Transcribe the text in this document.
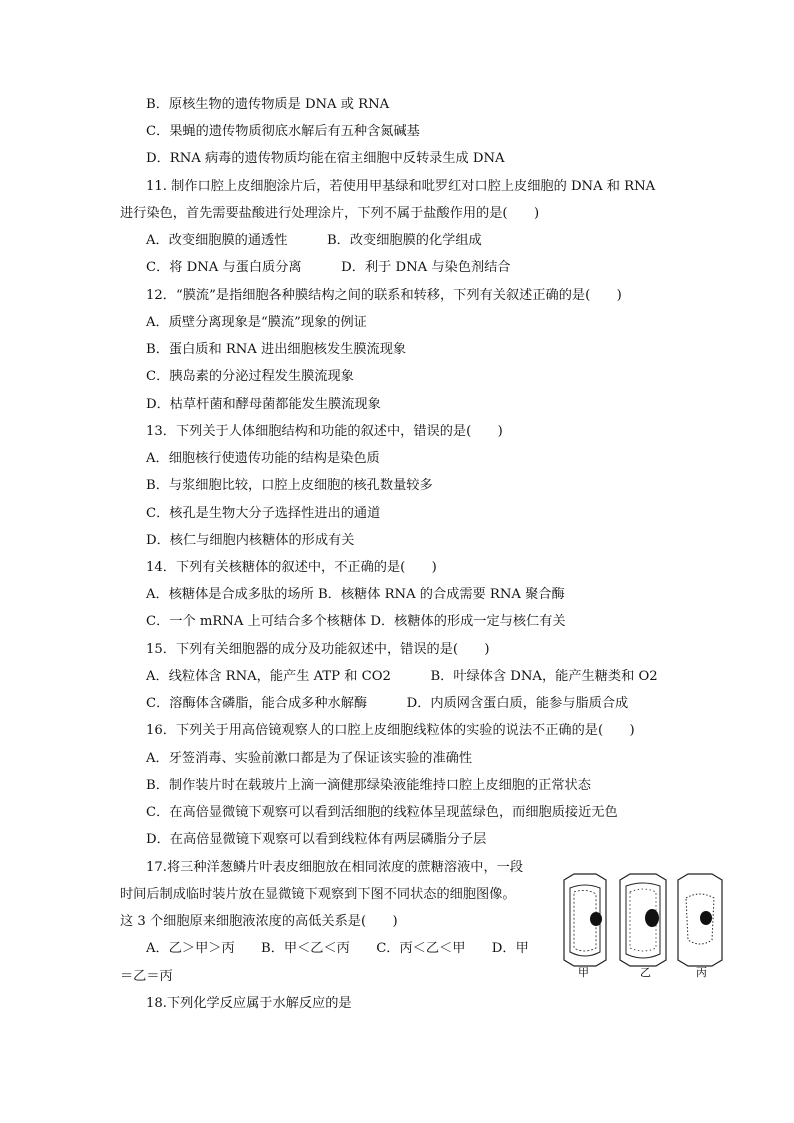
B．原核生物的遗传物质是 DNA 或 RNA
C．果蝇的遗传物质彻底水解后有五种含氮碱基
D．RNA 病毒的遗传物质均能在宿主细胞中反转录生成 DNA
11. 制作口腔上皮细胞涂片后，若使用甲基绿和吡罗红对口腔上皮细胞的 DNA 和 RNA
进行染色，首先需要盐酸进行处理涂片，下列不属于盐酸作用的是(　　)
A．改变细胞膜的通透性　　　B．改变细胞膜的化学组成
C．将 DNA 与蛋白质分离　　　D．利于 DNA 与染色剂结合
12．“膜流”是指细胞各种膜结构之间的联系和转移，下列有关叙述正确的是(　　)
A．质壁分离现象是“膜流”现象的例证
B．蛋白质和 RNA 进出细胞核发生膜流现象
C．胰岛素的分泌过程发生膜流现象
D．枯草杆菌和酵母菌都能发生膜流现象
13．下列关于人体细胞结构和功能的叙述中，错误的是(　　)
A．细胞核行使遗传功能的结构是染色质
B．与浆细胞比较，口腔上皮细胞的核孔数量较多
C．核孔是生物大分子选择性进出的通道
D．核仁与细胞内核糖体的形成有关
14．下列有关核糖体的叙述中，不正确的是(　　)
A．核糖体是合成多肽的场所 B．核糖体 RNA 的合成需要 RNA 聚合酶
C．一个 mRNA 上可结合多个核糖体 D．核糖体的形成一定与核仁有关
15．下列有关细胞器的成分及功能叙述中，错误的是(　　)
A．线粒体含 RNA，能产生 ATP 和 CO2　　　B．叶绿体含 DNA，能产生糖类和 O2
C．溶酶体含磷脂，能合成多种水解酶　　　D．内质网含蛋白质，能参与脂质合成
16．下列关于用高倍镜观察人的口腔上皮细胞线粒体的实验的说法不正确的是(　　)
A．牙签消毒、实验前漱口都是为了保证该实验的准确性
B．制作装片时在载玻片上滴一滴健那绿染液能维持口腔上皮细胞的正常状态
C．在高倍显微镜下观察可以看到活细胞的线粒体呈现蓝绿色，而细胞质接近无色
D．在高倍显微镜下观察可以看到线粒体有两层磷脂分子层
17.将三种洋葱鳞片叶表皮细胞放在相同浓度的蔗糖溶液中，一段
时间后制成临时装片放在显微镜下观察到下图不同状态的细胞图像。
这 3 个细胞原来细胞液浓度的高低关系是(　　)
A．乙＞甲＞丙　　B．甲＜乙＜丙　　C．丙＜乙＜甲　　D．甲
＝乙＝丙
18.下列化学反应属于水解反应的是
甲	乙	丙
